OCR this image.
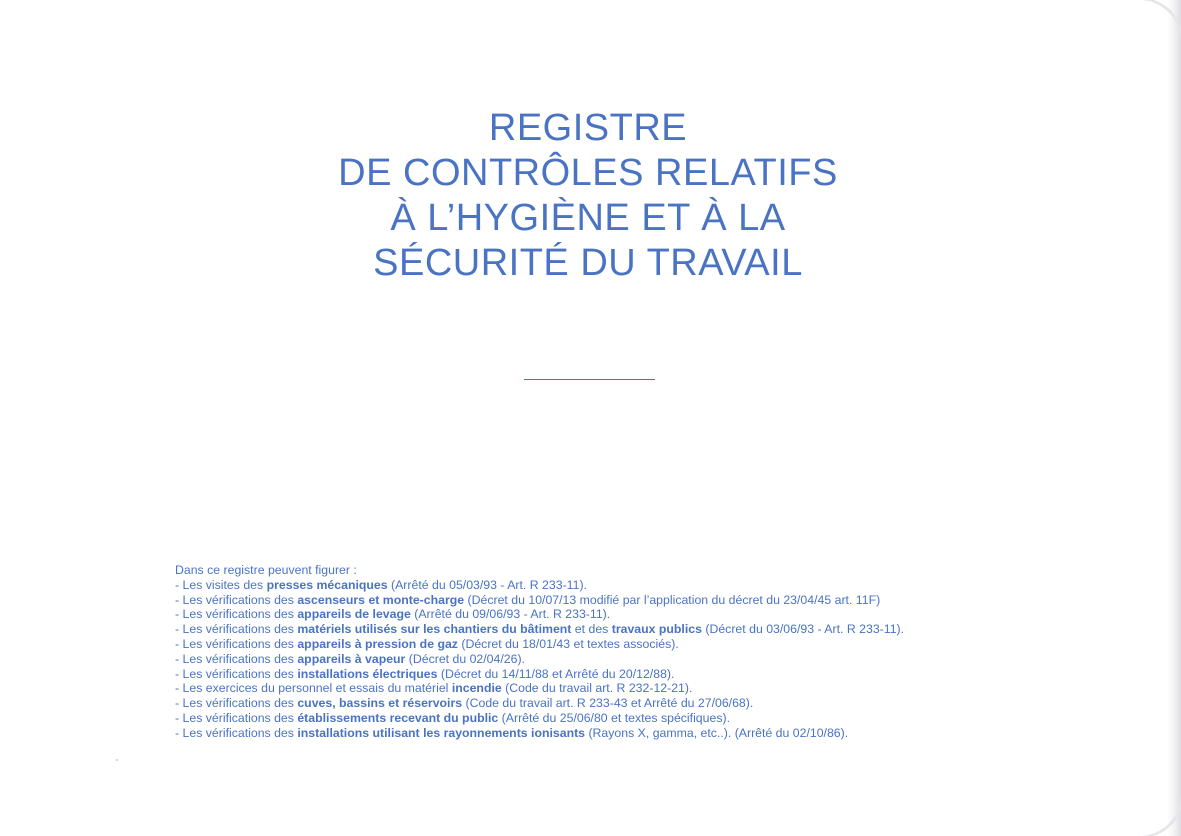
REGISTRE
DE CONTRÔLES RELATIFS
À L’HYGIÈNE ET À LA
SÉCURITÉ DU TRAVAIL
Dans ce registre peuvent figurer :
- Les visites des presses mécaniques (Arrêté du 05/03/93 - Art. R 233-11).
- Les vérifications des ascenseurs et monte-charge (Décret du 10/07/13 modifié par l’application du décret du 23/04/45 art. 11F)
- Les vérifications des appareils de levage (Arrêté du 09/06/93 - Art. R 233-11).
- Les vérifications des matériels utilisés sur les chantiers du bâtiment et des travaux publics (Décret du 03/06/93 - Art. R 233-11).
- Les vérifications des appareils à pression de gaz (Décret du 18/01/43 et textes associés).
- Les vérifications des appareils à vapeur (Décret du 02/04/26).
- Les vérifications des installations électriques (Décret du 14/11/88 et Arrêté du 20/12/88).
- Les exercices du personnel et essais du matériel incendie (Code du travail art. R 232-12-21).
- Les vérifications des cuves, bassins et réservoirs (Code du travail art. R 233-43 et Arrêté du 27/06/68).
- Les vérifications des établissements recevant du public (Arrêté du 25/06/80 et textes spécifiques).
- Les vérifications des installations utilisant les rayonnements ionisants (Rayons X, gamma, etc..). (Arrêté du 02/10/86).
